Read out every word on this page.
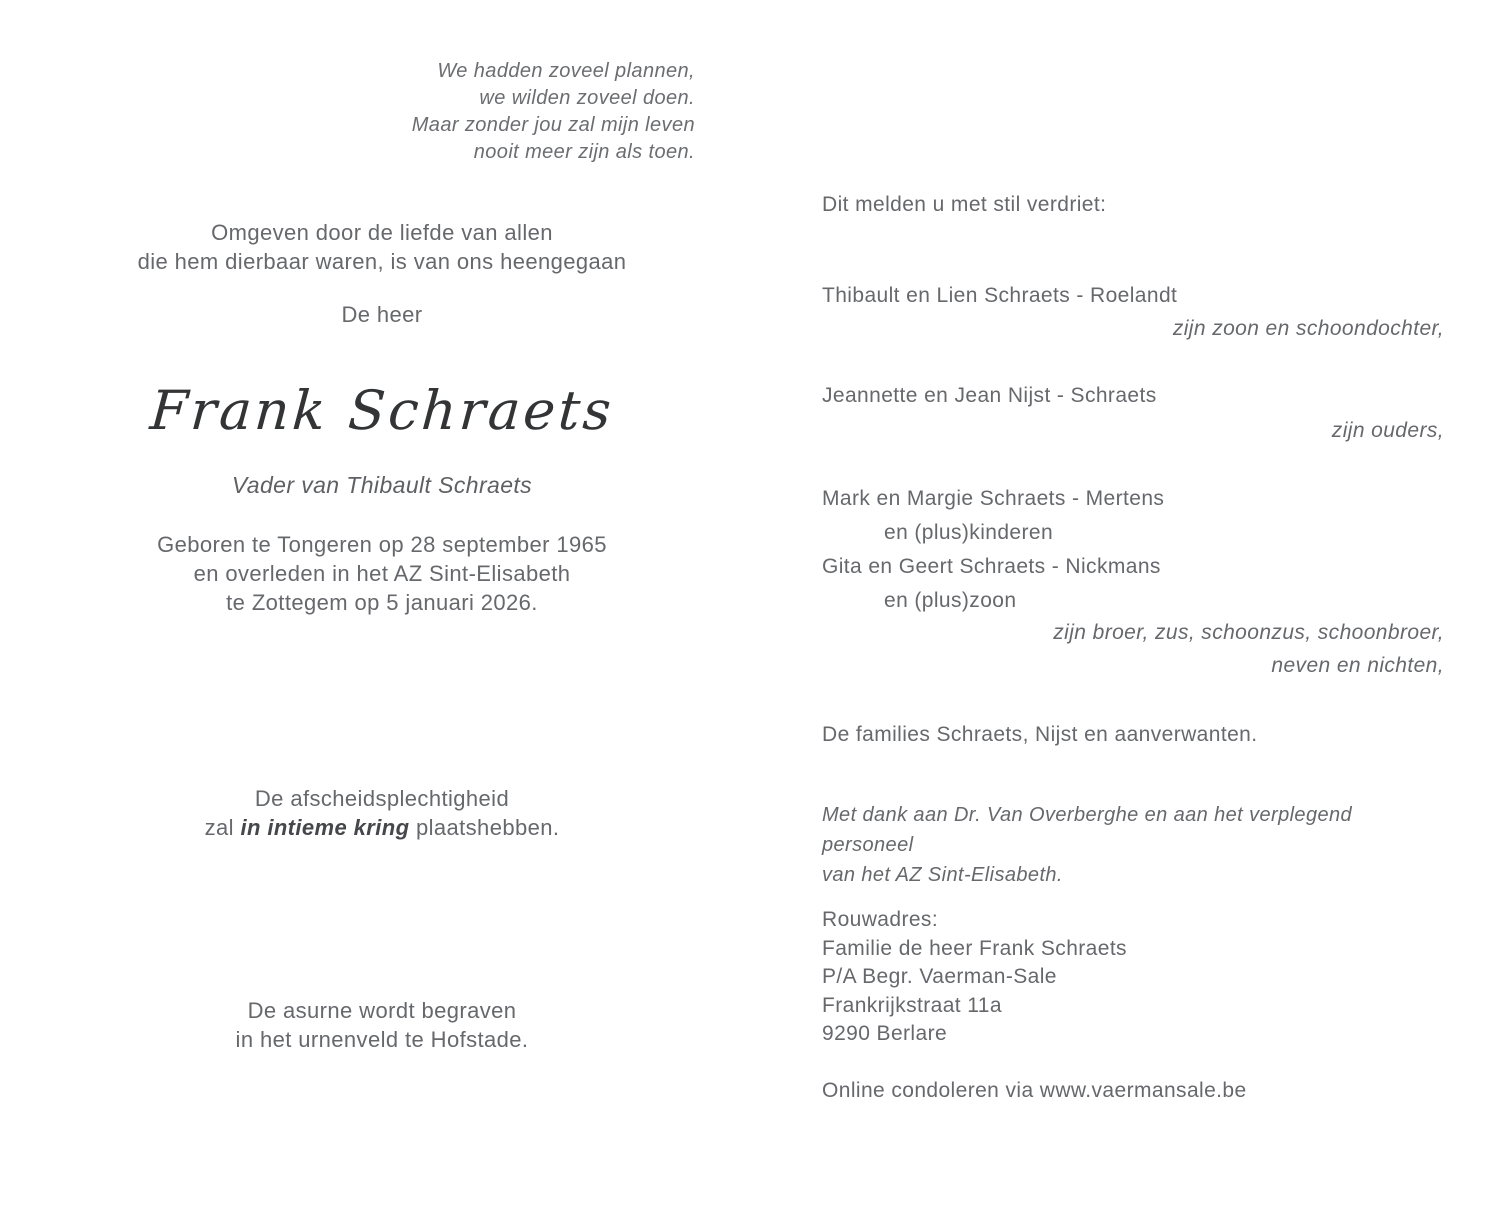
We hadden zoveel plannen,
we wilden zoveel doen.
Maar zonder jou zal mijn leven
nooit meer zijn als toen.
Omgeven door de liefde van allen
die hem dierbaar waren, is van ons heengegaan
De heer
Frank Schraets
Vader van Thibault Schraets
Geboren te Tongeren op 28 september 1965
en overleden in het AZ Sint-Elisabeth
te Zottegem op 5 januari 2026.
De afscheidsplechtigheid
zal in intieme kring plaatshebben.
De asurne wordt begraven
in het urnenveld te Hofstade.
Dit melden u met stil verdriet:
Thibault en Lien Schraets - Roelandt
zijn zoon en schoondochter,
Jeannette en Jean Nijst - Schraets
zijn ouders,
Mark en Margie Schraets - Mertens
en (plus)kinderen
Gita en Geert Schraets - Nickmans
en (plus)zoon
zijn broer, zus, schoonzus, schoonbroer,
neven en nichten,
De families Schraets, Nijst en aanverwanten.
Met dank aan Dr. Van Overberghe en aan het verplegend personeel
van het AZ Sint-Elisabeth.
Rouwadres:
Familie de heer Frank Schraets
P/A Begr. Vaerman-Sale
Frankrijkstraat 11a
9290 Berlare
Online condoleren via www.vaermansale.be
